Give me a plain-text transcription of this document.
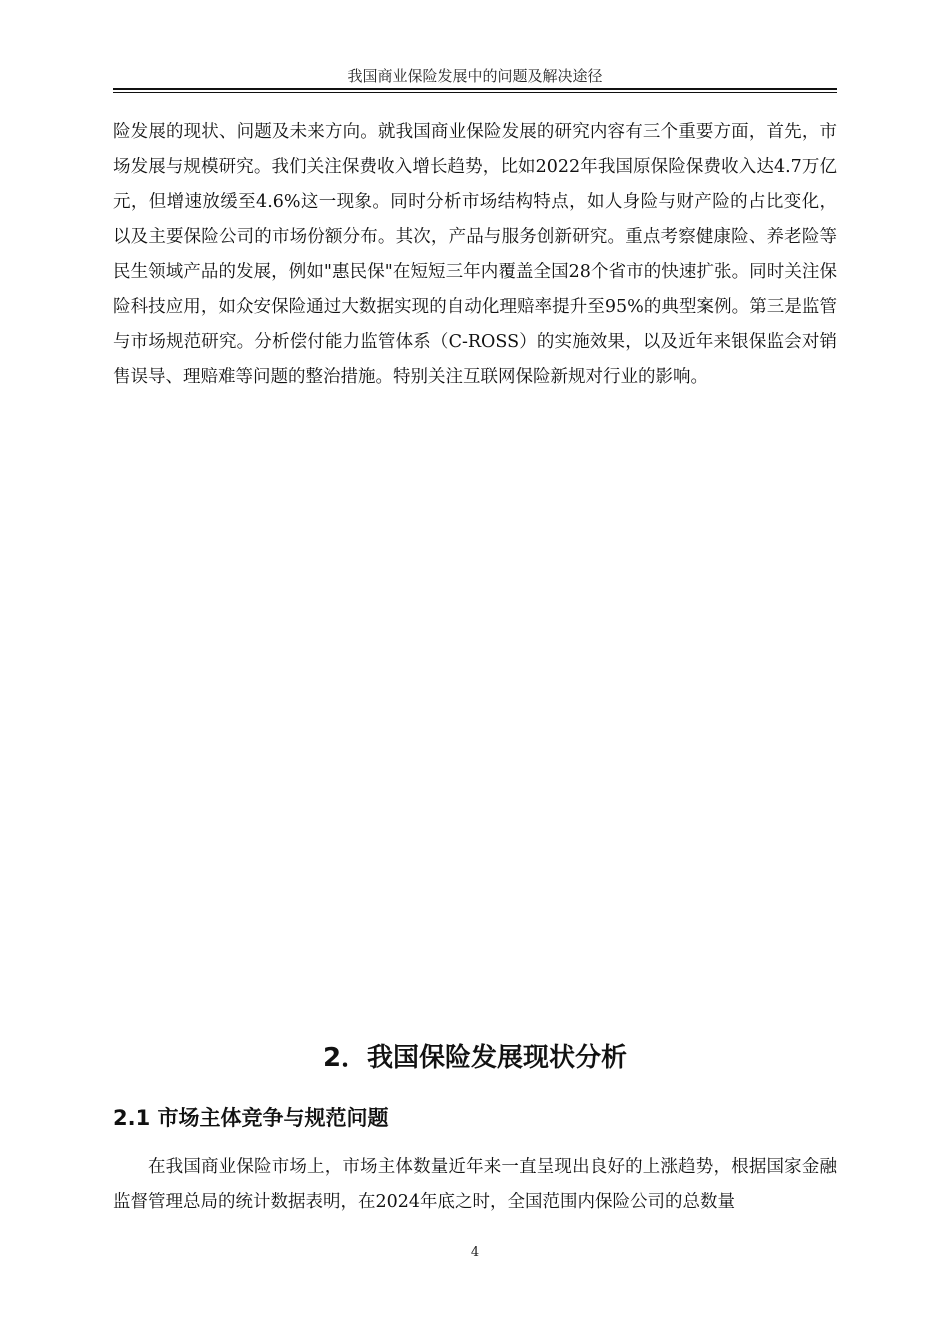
我国商业保险发展中的问题及解决途径

险发展的现状、问题及未来方向。就我国商业保险发展的研究内容有三个重要方面，首先，市场发展与规模研究。我们关注保费收入增长趋势，比如2022年我国原保险保费收入达4.7万亿元，但增速放缓至4.6%这一现象。同时分析市场结构特点，如人身险与财产险的占比变化，以及主要保险公司的市场份额分布。其次，产品与服务创新研究。重点考察健康险、养老险等民生领域产品的发展，例如"惠民保"在短短三年内覆盖全国28个省市的快速扩张。同时关注保险科技应用，如众安保险通过大数据实现的自动化理赔率提升至95%的典型案例。第三是监管与市场规范研究。分析偿付能力监管体系（C-ROSS）的实施效果，以及近年来银保监会对销售误导、理赔难等问题的整治措施。特别关注互联网保险新规对行业的影响。

2．我国保险发展现状分析
2.1 市场主体竞争与规范问题

在我国商业保险市场上，市场主体数量近年来一直呈现出良好的上涨趋势，根据国家金融监督管理总局的统计数据表明，在2024年底之时，全国范围内保险公司的总数量

4
